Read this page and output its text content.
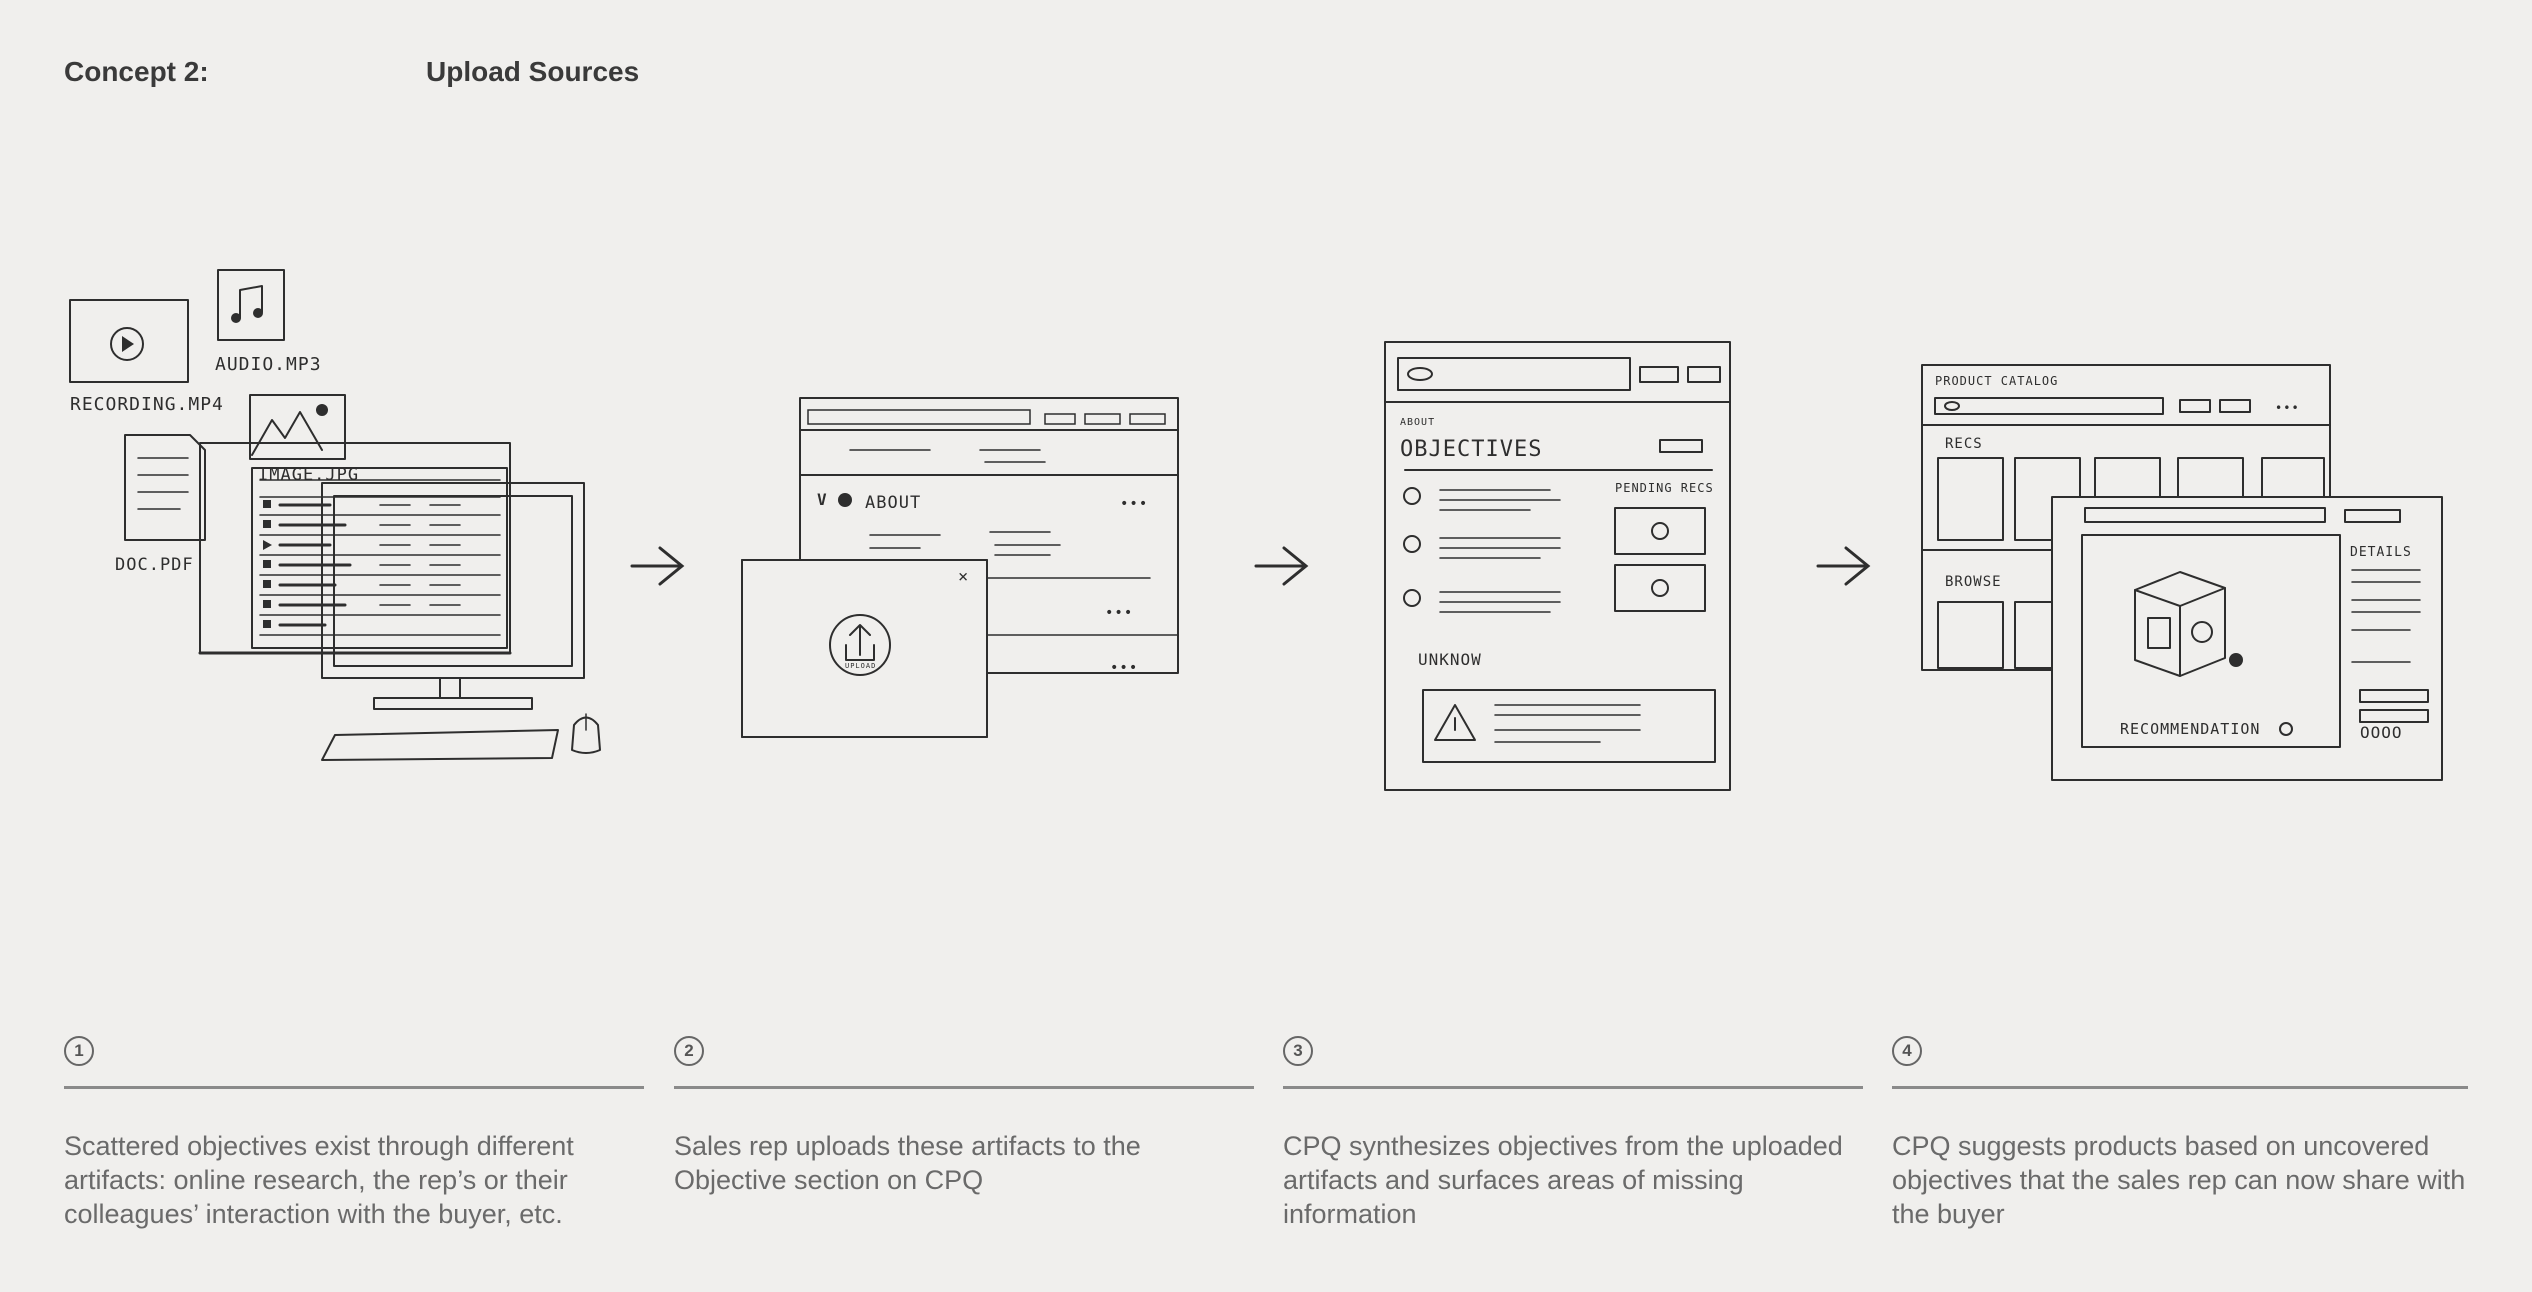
Concept 2:	Upload Sources
RECORDING.MP4
AUDIO.MP3
IMAGE.JPG
DOC.PDF
V ABOUT	•••
•••
•••
×
UPLOAD
ABOUT
OBJECTIVES
PENDING RECS
UNKNOW
PRODUCT CATALOG
•••
RECS
BROWSE
RECOMMENDATION
DETAILS
OOOO
1
Scattered objectives exist through different artifacts: online research, the rep’s or their colleagues’ interaction with the buyer, etc.
2
Sales rep uploads these artifacts to the Objective section on CPQ
3
CPQ synthesizes objectives from the uploaded artifacts and surfaces areas of missing information
4
CPQ suggests products based on uncovered objectives that the sales rep can now share with the buyer
